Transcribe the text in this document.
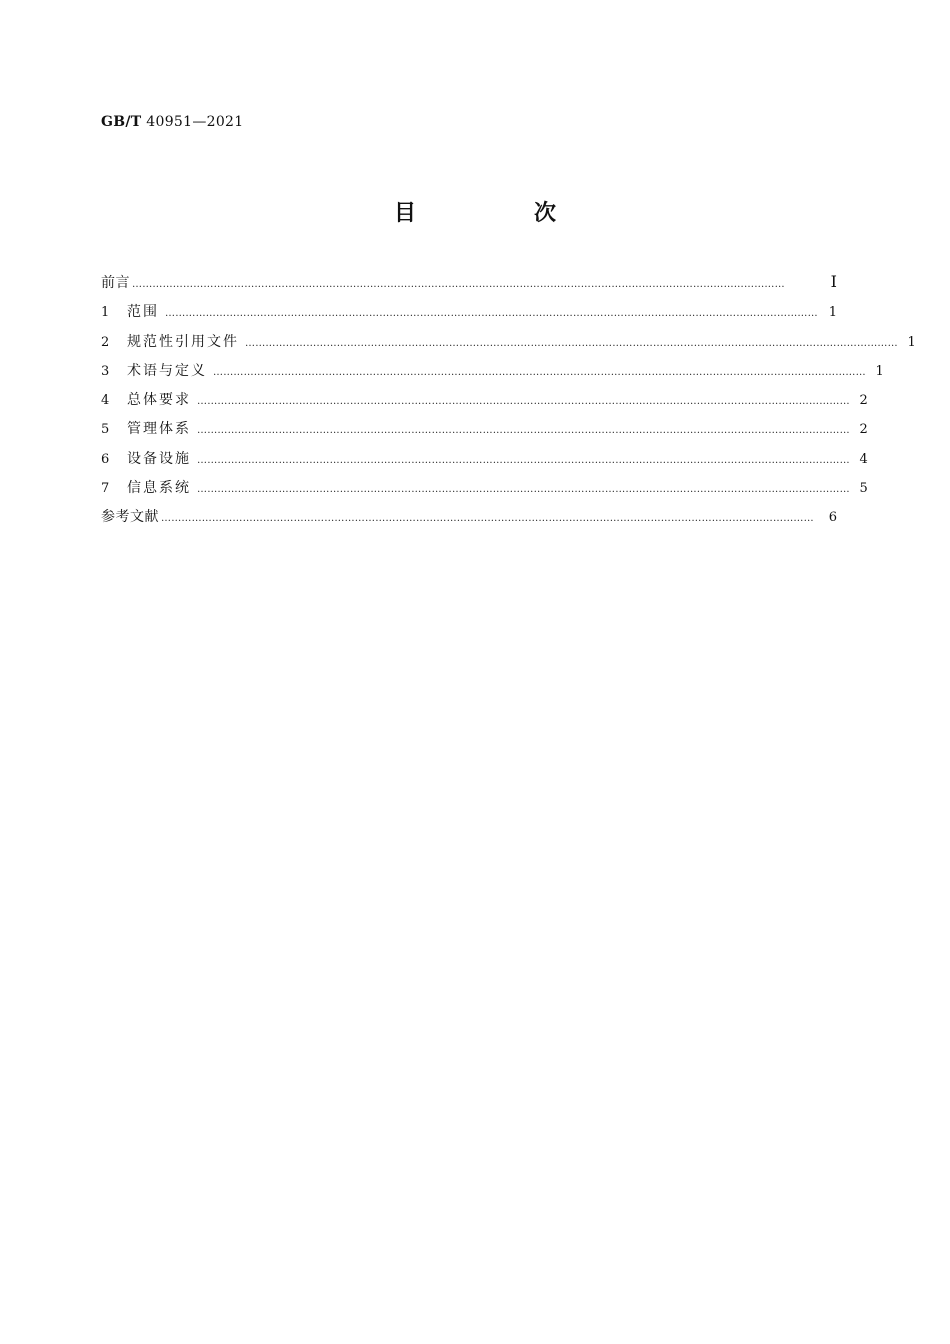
GB/T 40951—2021
目　次
前言 …………………………………………………………………………………………………………………………………………………………………………	Ⅰ
1	范围 ………………………………………………………………………………………………………………………………………………………………………… 1
2	规范性引用文件 ………………………………………………………………………………………………………………………………………………………………………… 1
3	术语与定义 ………………………………………………………………………………………………………………………………………………………………………… 1
4	总体要求 ………………………………………………………………………………………………………………………………………………………………………… 2
5	管理体系 ………………………………………………………………………………………………………………………………………………………………………… 2
6	设备设施 ………………………………………………………………………………………………………………………………………………………………………… 4
7	信息系统 ………………………………………………………………………………………………………………………………………………………………………… 5
参考文献 …………………………………………………………………………………………………………………………………………………………………………	6
